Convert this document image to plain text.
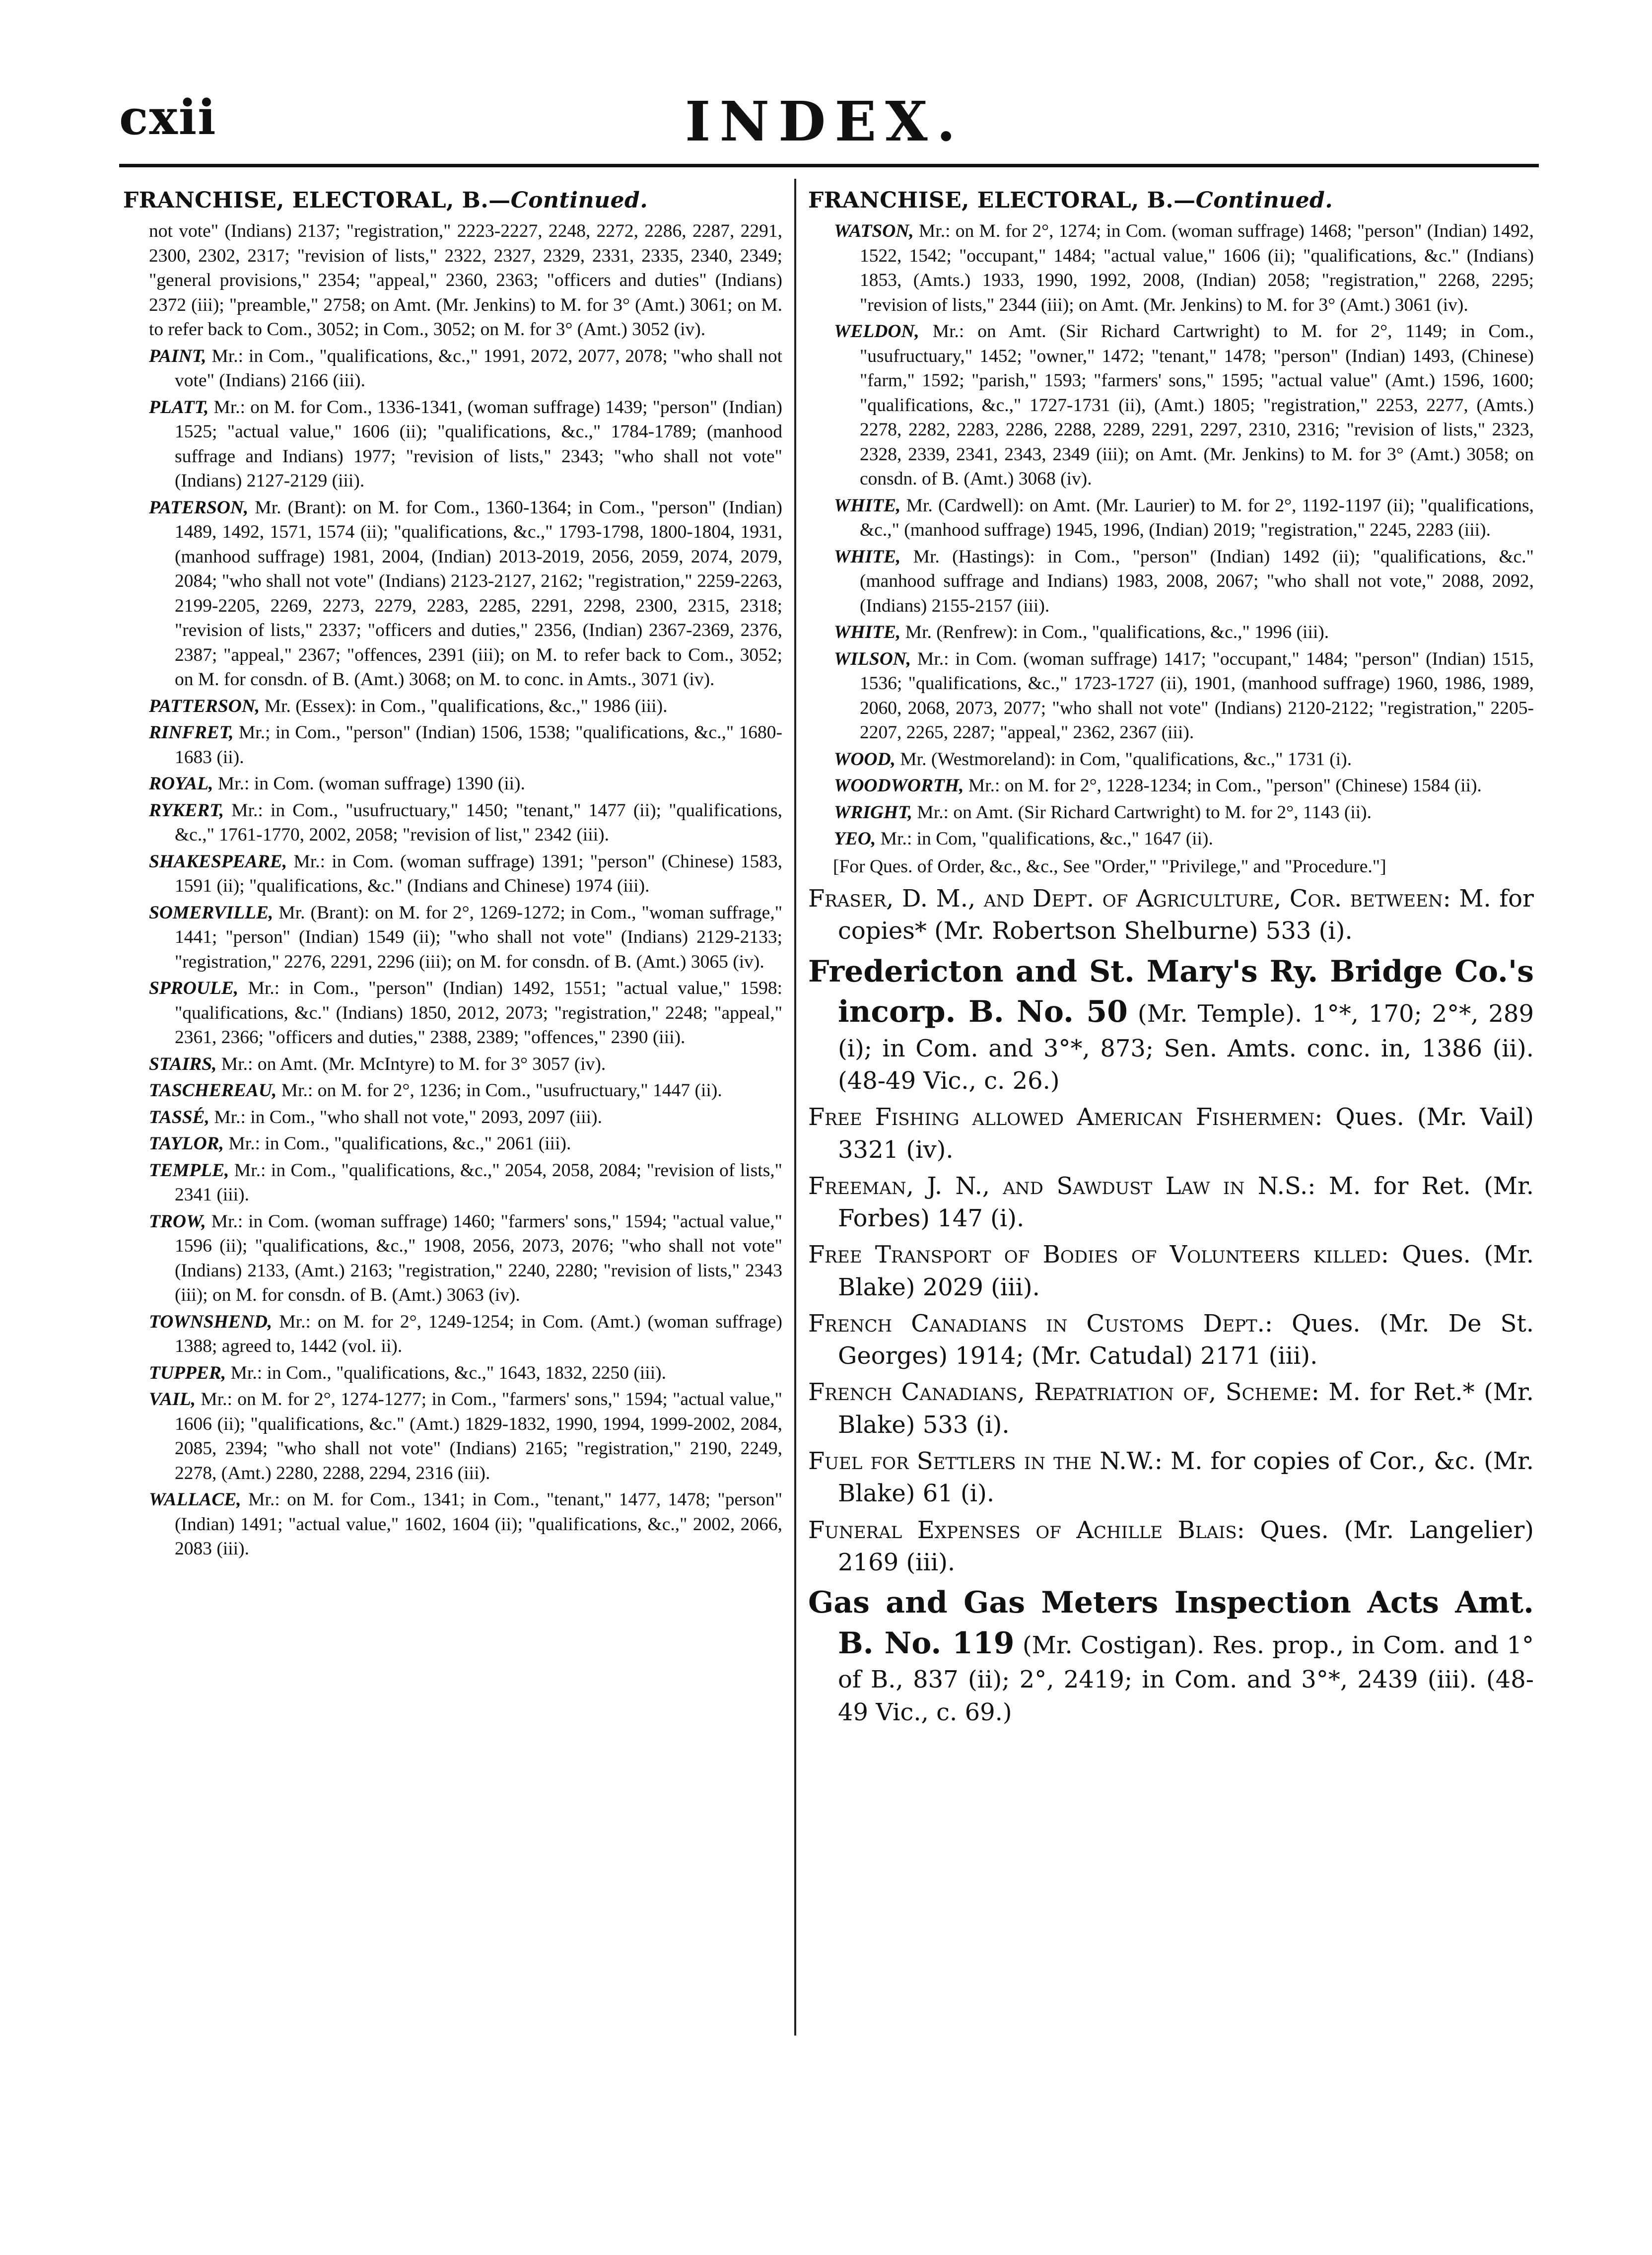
cxii	INDEX.
FRANCHISE, ELECTORAL, B.—Continued.
not vote" (Indians) 2137; "registration," 2223-2227, 2248, 2272, 2286, 2287, 2291, 2300, 2302, 2317; "revision of lists," 2322, 2327, 2329, 2331, 2335, 2340, 2349; "general provisions," 2354; "appeal," 2360, 2363; "officers and duties" (Indians) 2372 (iii); "preamble," 2758; on Amt. (Mr. Jenkins) to M. for 3° (Amt.) 3061; on M. to refer back to Com., 3052; in Com., 3052; on M. for 3° (Amt.) 3052 (iv).
PAINT, Mr.: in Com., "qualifications, &c.," 1991, 2072, 2077, 2078; "who shall not vote" (Indians) 2166 (iii).
PLATT, Mr.: on M. for Com., 1336-1341, (woman suffrage) 1439; "person" (Indian) 1525; "actual value," 1606 (ii); "qualifications, &c.," 1784-1789; (manhood suffrage and Indians) 1977; "revision of lists," 2343; "who shall not vote" (Indians) 2127-2129 (iii).
PATERSON, Mr. (Brant): on M. for Com., 1360-1364; in Com., "person" (Indian) 1489, 1492, 1571, 1574 (ii); "qualifications, &c.," 1793-1798, 1800-1804, 1931, (manhood suffrage) 1981, 2004, (Indian) 2013-2019, 2056, 2059, 2074, 2079, 2084; "who shall not vote" (Indians) 2123-2127, 2162; "registration," 2259-2263, 2199-2205, 2269, 2273, 2279, 2283, 2285, 2291, 2298, 2300, 2315, 2318; "revision of lists," 2337; "officers and duties," 2356, (Indian) 2367-2369, 2376, 2387; "appeal," 2367; "offences, 2391 (iii); on M. to refer back to Com., 3052; on M. for consdn. of B. (Amt.) 3068; on M. to conc. in Amts., 3071 (iv).
PATTERSON, Mr. (Essex): in Com., "qualifications, &c.," 1986 (iii).
RINFRET, Mr.; in Com., "person" (Indian) 1506, 1538; "qualifications, &c.," 1680-1683 (ii).
ROYAL, Mr.: in Com. (woman suffrage) 1390 (ii).
RYKERT, Mr.: in Com., "usufructuary," 1450; "tenant," 1477 (ii); "qualifications, &c.," 1761-1770, 2002, 2058; "revision of list," 2342 (iii).
SHAKESPEARE, Mr.: in Com. (woman suffrage) 1391; "person" (Chinese) 1583, 1591 (ii); "qualifications, &c." (Indians and Chinese) 1974 (iii).
SOMERVILLE, Mr. (Brant): on M. for 2°, 1269-1272; in Com., "woman suffrage," 1441; "person" (Indian) 1549 (ii); "who shall not vote" (Indians) 2129-2133; "registration," 2276, 2291, 2296 (iii); on M. for consdn. of B. (Amt.) 3065 (iv).
SPROULE, Mr.: in Com., "person" (Indian) 1492, 1551; "actual value," 1598: "qualifications, &c." (Indians) 1850, 2012, 2073; "registration," 2248; "appeal," 2361, 2366; "officers and duties," 2388, 2389; "offences," 2390 (iii).
STAIRS, Mr.: on Amt. (Mr. McIntyre) to M. for 3° 3057 (iv).
TASCHEREAU, Mr.: on M. for 2°, 1236; in Com., "usufructuary," 1447 (ii).
TASSÉ, Mr.: in Com., "who shall not vote," 2093, 2097 (iii).
TAYLOR, Mr.: in Com., "qualifications, &c.," 2061 (iii).
TEMPLE, Mr.: in Com., "qualifications, &c.," 2054, 2058, 2084; "revision of lists," 2341 (iii).
TROW, Mr.: in Com. (woman suffrage) 1460; "farmers' sons," 1594; "actual value," 1596 (ii); "qualifications, &c.," 1908, 2056, 2073, 2076; "who shall not vote" (Indians) 2133, (Amt.) 2163; "registration," 2240, 2280; "revision of lists," 2343 (iii); on M. for consdn. of B. (Amt.) 3063 (iv).
TOWNSHEND, Mr.: on M. for 2°, 1249-1254; in Com. (Amt.) (woman suffrage) 1388; agreed to, 1442 (vol. ii).
TUPPER, Mr.: in Com., "qualifications, &c.," 1643, 1832, 2250 (iii).
VAIL, Mr.: on M. for 2°, 1274-1277; in Com., "farmers' sons," 1594; "actual value," 1606 (ii); "qualifications, &c." (Amt.) 1829-1832, 1990, 1994, 1999-2002, 2084, 2085, 2394; "who shall not vote" (Indians) 2165; "registration," 2190, 2249, 2278, (Amt.) 2280, 2288, 2294, 2316 (iii).
WALLACE, Mr.: on M. for Com., 1341; in Com., "tenant," 1477, 1478; "person" (Indian) 1491; "actual value," 1602, 1604 (ii); "qualifications, &c.," 2002, 2066, 2083 (iii).
FRANCHISE, ELECTORAL, B.—Continued.
WATSON, Mr.: on M. for 2°, 1274; in Com. (woman suffrage) 1468; "person" (Indian) 1492, 1522, 1542; "occupant," 1484; "actual value," 1606 (ii); "qualifications, &c." (Indians) 1853, (Amts.) 1933, 1990, 1992, 2008, (Indian) 2058; "registration," 2268, 2295; "revision of lists," 2344 (iii); on Amt. (Mr. Jenkins) to M. for 3° (Amt.) 3061 (iv).
WELDON, Mr.: on Amt. (Sir Richard Cartwright) to M. for 2°, 1149; in Com., "usufructuary," 1452; "owner," 1472; "tenant," 1478; "person" (Indian) 1493, (Chinese) "farm," 1592; "parish," 1593; "farmers' sons," 1595; "actual value" (Amt.) 1596, 1600; "qualifications, &c.," 1727-1731 (ii), (Amt.) 1805; "registration," 2253, 2277, (Amts.) 2278, 2282, 2283, 2286, 2288, 2289, 2291, 2297, 2310, 2316; "revision of lists," 2323, 2328, 2339, 2341, 2343, 2349 (iii); on Amt. (Mr. Jenkins) to M. for 3° (Amt.) 3058; on consdn. of B. (Amt.) 3068 (iv).
WHITE, Mr. (Cardwell): on Amt. (Mr. Laurier) to M. for 2°, 1192-1197 (ii); "qualifications, &c.," (manhood suffrage) 1945, 1996, (Indian) 2019; "registration," 2245, 2283 (iii).
WHITE, Mr. (Hastings): in Com., "person" (Indian) 1492 (ii); "qualifications, &c." (manhood suffrage and Indians) 1983, 2008, 2067; "who shall not vote," 2088, 2092, (Indians) 2155-2157 (iii).
WHITE, Mr. (Renfrew): in Com., "qualifications, &c.," 1996 (iii).
WILSON, Mr.: in Com. (woman suffrage) 1417; "occupant," 1484; "person" (Indian) 1515, 1536; "qualifications, &c.," 1723-1727 (ii), 1901, (manhood suffrage) 1960, 1986, 1989, 2060, 2068, 2073, 2077; "who shall not vote" (Indians) 2120-2122; "registration," 2205-2207, 2265, 2287; "appeal," 2362, 2367 (iii).
WOOD, Mr. (Westmoreland): in Com, "qualifications, &c.," 1731 (i).
WOODWORTH, Mr.: on M. for 2°, 1228-1234; in Com., "person" (Chinese) 1584 (ii).
WRIGHT, Mr.: on Amt. (Sir Richard Cartwright) to M. for 2°, 1143 (ii).
YEO, Mr.: in Com, "qualifications, &c.," 1647 (ii).
[For Ques. of Order, &c., &c., See "Order," "Privilege," and "Procedure."]
Fraser, D. M., and Dept. of Agriculture, Cor. between: M. for copies* (Mr. Robertson Shelburne) 533 (i).
Fredericton and St. Mary's Ry. Bridge Co.'s incorp. B. No. 50 (Mr. Temple). 1°*, 170; 2°*, 289 (i); in Com. and 3°*, 873; Sen. Amts. conc. in, 1386 (ii). (48-49 Vic., c. 26.)
Free Fishing allowed American Fishermen: Ques. (Mr. Vail) 3321 (iv).
Freeman, J. N., and Sawdust Law in N.S.: M. for Ret. (Mr. Forbes) 147 (i).
Free Transport of Bodies of Volunteers killed: Ques. (Mr. Blake) 2029 (iii).
French Canadians in Customs Dept.: Ques. (Mr. De St. Georges) 1914; (Mr. Catudal) 2171 (iii).
French Canadians, Repatriation of, Scheme: M. for Ret.* (Mr. Blake) 533 (i).
Fuel for Settlers in the N.W.: M. for copies of Cor., &c. (Mr. Blake) 61 (i).
Funeral Expenses of Achille Blais: Ques. (Mr. Langelier) 2169 (iii).
Gas and Gas Meters Inspection Acts Amt. B. No. 119 (Mr. Costigan). Res. prop., in Com. and 1° of B., 837 (ii); 2°, 2419; in Com. and 3°*, 2439 (iii). (48-49 Vic., c. 69.)
